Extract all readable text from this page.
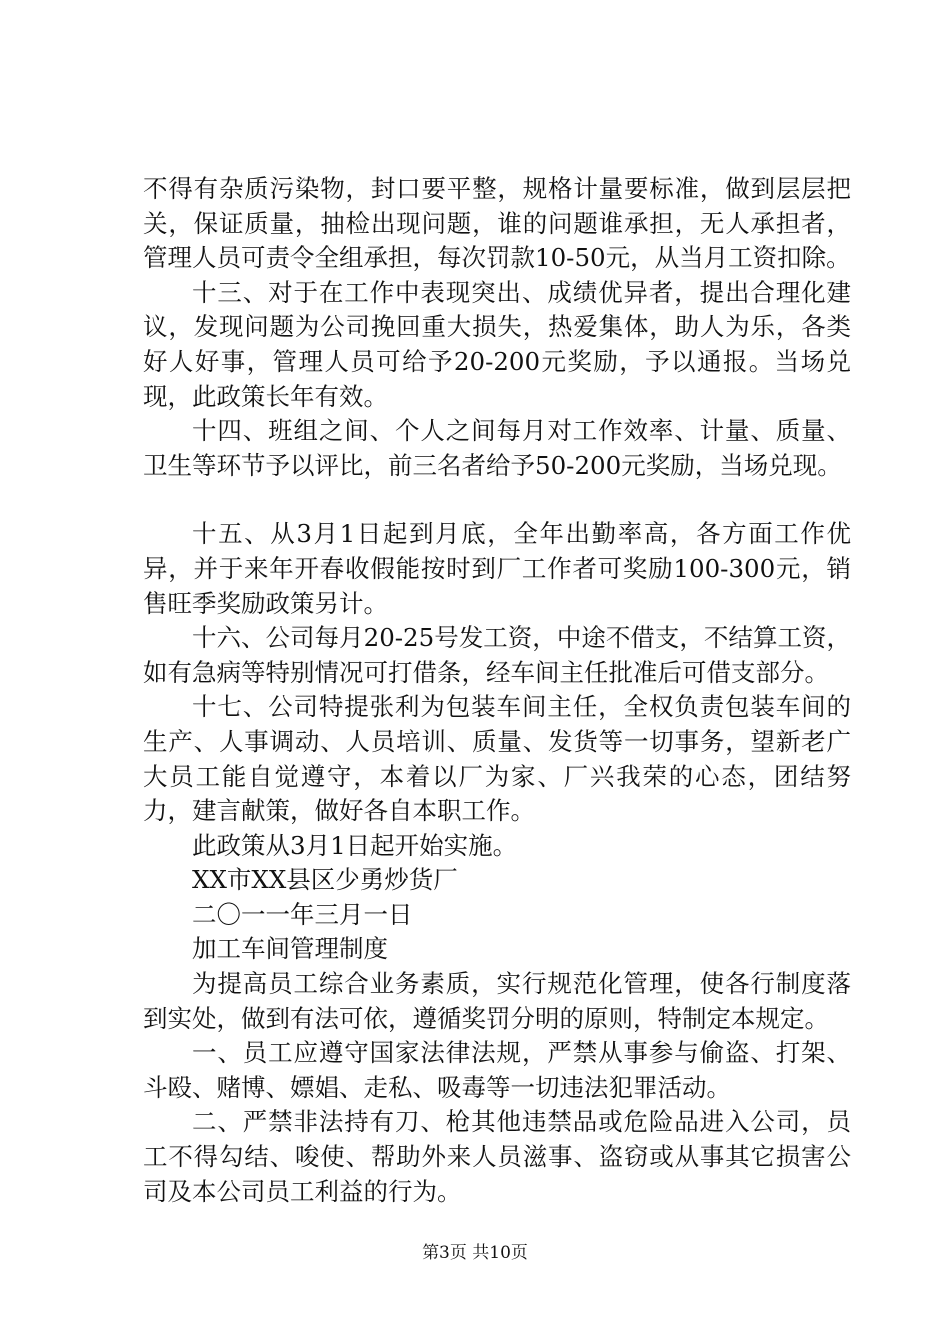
不得有杂质污染物，封口要平整，规格计量要标准，做到层层把关，保证质量，抽检出现问题，谁的问题谁承担，无人承担者，管理人员可责令全组承担，每次罚款10-50元，从当月工资扣除。

十三、对于在工作中表现突出、成绩优异者，提出合理化建议，发现问题为公司挽回重大损失，热爱集体，助人为乐，各类好人好事，管理人员可给予20-200元奖励，予以通报。当场兑现，此政策长年有效。

十四、班组之间、个人之间每月对工作效率、计量、质量、卫生等环节予以评比，前三名者给予50-200元奖励，当场兑现。

十五、从3月1日起到月底，全年出勤率高，各方面工作优异，并于来年开春收假能按时到厂工作者可奖励100-300元，销售旺季奖励政策另计。

十六、公司每月20-25号发工资，中途不借支，不结算工资，如有急病等特别情况可打借条，经车间主任批准后可借支部分。

十七、公司特提张利为包装车间主任，全权负责包装车间的生产、人事调动、人员培训、质量、发货等一切事务，望新老广大员工能自觉遵守，本着以厂为家、厂兴我荣的心态，团结努力，建言献策，做好各自本职工作。

此政策从3月1日起开始实施。

XX市XX县区少勇炒货厂

二〇一一年三月一日

加工车间管理制度

为提高员工综合业务素质，实行规范化管理，使各行制度落到实处，做到有法可依，遵循奖罚分明的原则，特制定本规定。

一、员工应遵守国家法律法规，严禁从事参与偷盗、打架、斗殴、赌博、嫖娼、走私、吸毒等一切违法犯罪活动。

二、严禁非法持有刀、枪其他违禁品或危险品进入公司，员工不得勾结、唆使、帮助外来人员滋事、盗窃或从事其它损害公司及本公司员工利益的行为。

第3页 共10页
